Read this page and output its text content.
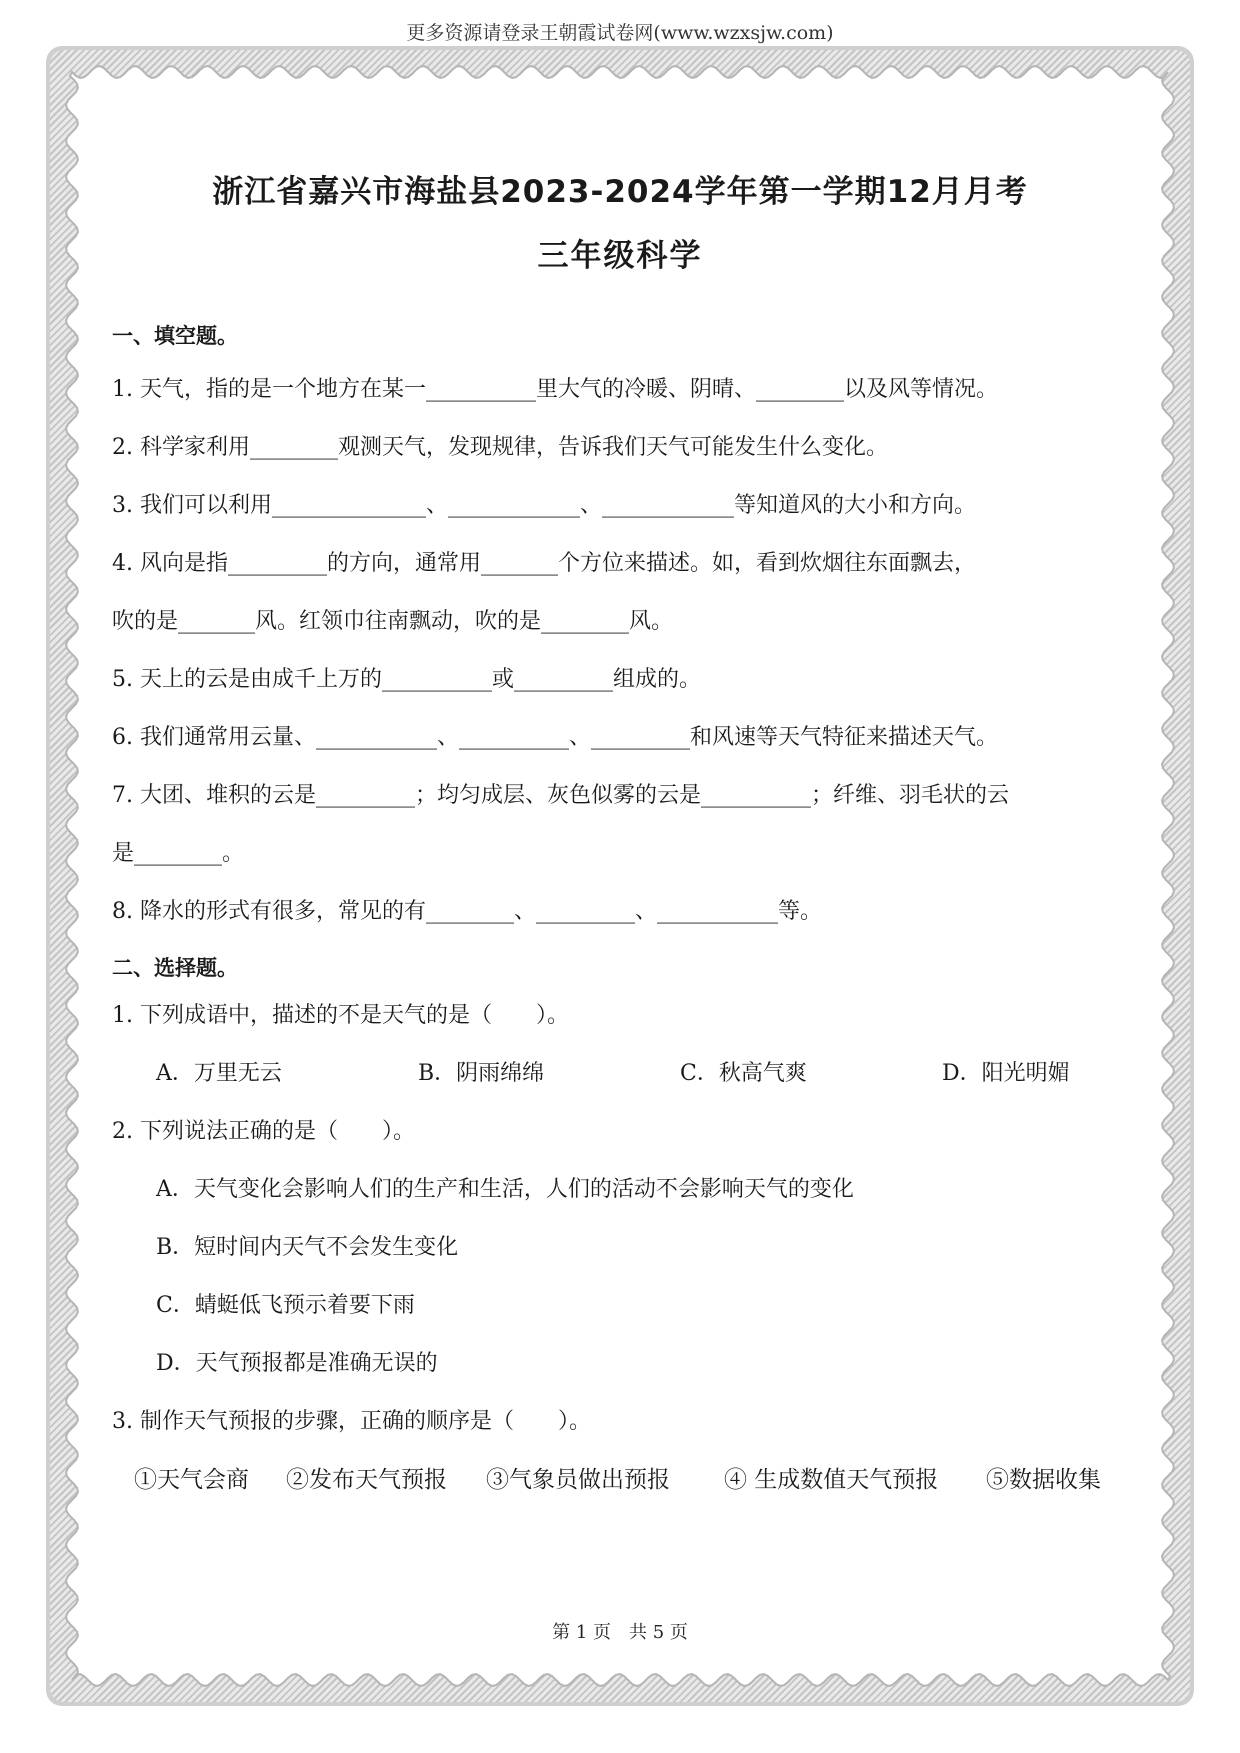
更多资源请登录王朝霞试卷网(www.wzxsjw.com)
浙江省嘉兴市海盐县2023-2024学年第一学期12月月考
三年级科学
一、填空题。
1. 天气，指的是一个地方在某一__________里大气的冷暖、阴晴、________以及风等情况。
2. 科学家利用________观测天气，发现规律，告诉我们天气可能发生什么变化。
3. 我们可以利用______________、____________、____________等知道风的大小和方向。
4. 风向是指_________的方向，通常用_______个方位来描述。如，看到炊烟往东面飘去，
吹的是_______风。红领巾往南飘动，吹的是________风。
5. 天上的云是由成千上万的__________或_________组成的。
6. 我们通常用云量、___________、__________、_________和风速等天气特征来描述天气。
7. 大团、堆积的云是_________；均匀成层、灰色似雾的云是__________；纤维、羽毛状的云
是________。
8. 降水的形式有很多，常见的有________、_________、___________等。
二、选择题。
1. 下列成语中，描述的不是天气的是（　　）。
A．万里无云	B．阴雨绵绵	C．秋高气爽	D．阳光明媚
2. 下列说法正确的是（　　）。
A．天气变化会影响人们的生产和生活，人们的活动不会影响天气的变化
B．短时间内天气不会发生变化
C．蜻蜓低飞预示着要下雨
D．天气预报都是准确无误的
3. 制作天气预报的步骤，正确的顺序是（　　）。
①天气会商 ②发布天气预报 ③气象员做出预报 ④ 生成数值天气预报 ⑤数据收集
第 1 页　共 5 页
